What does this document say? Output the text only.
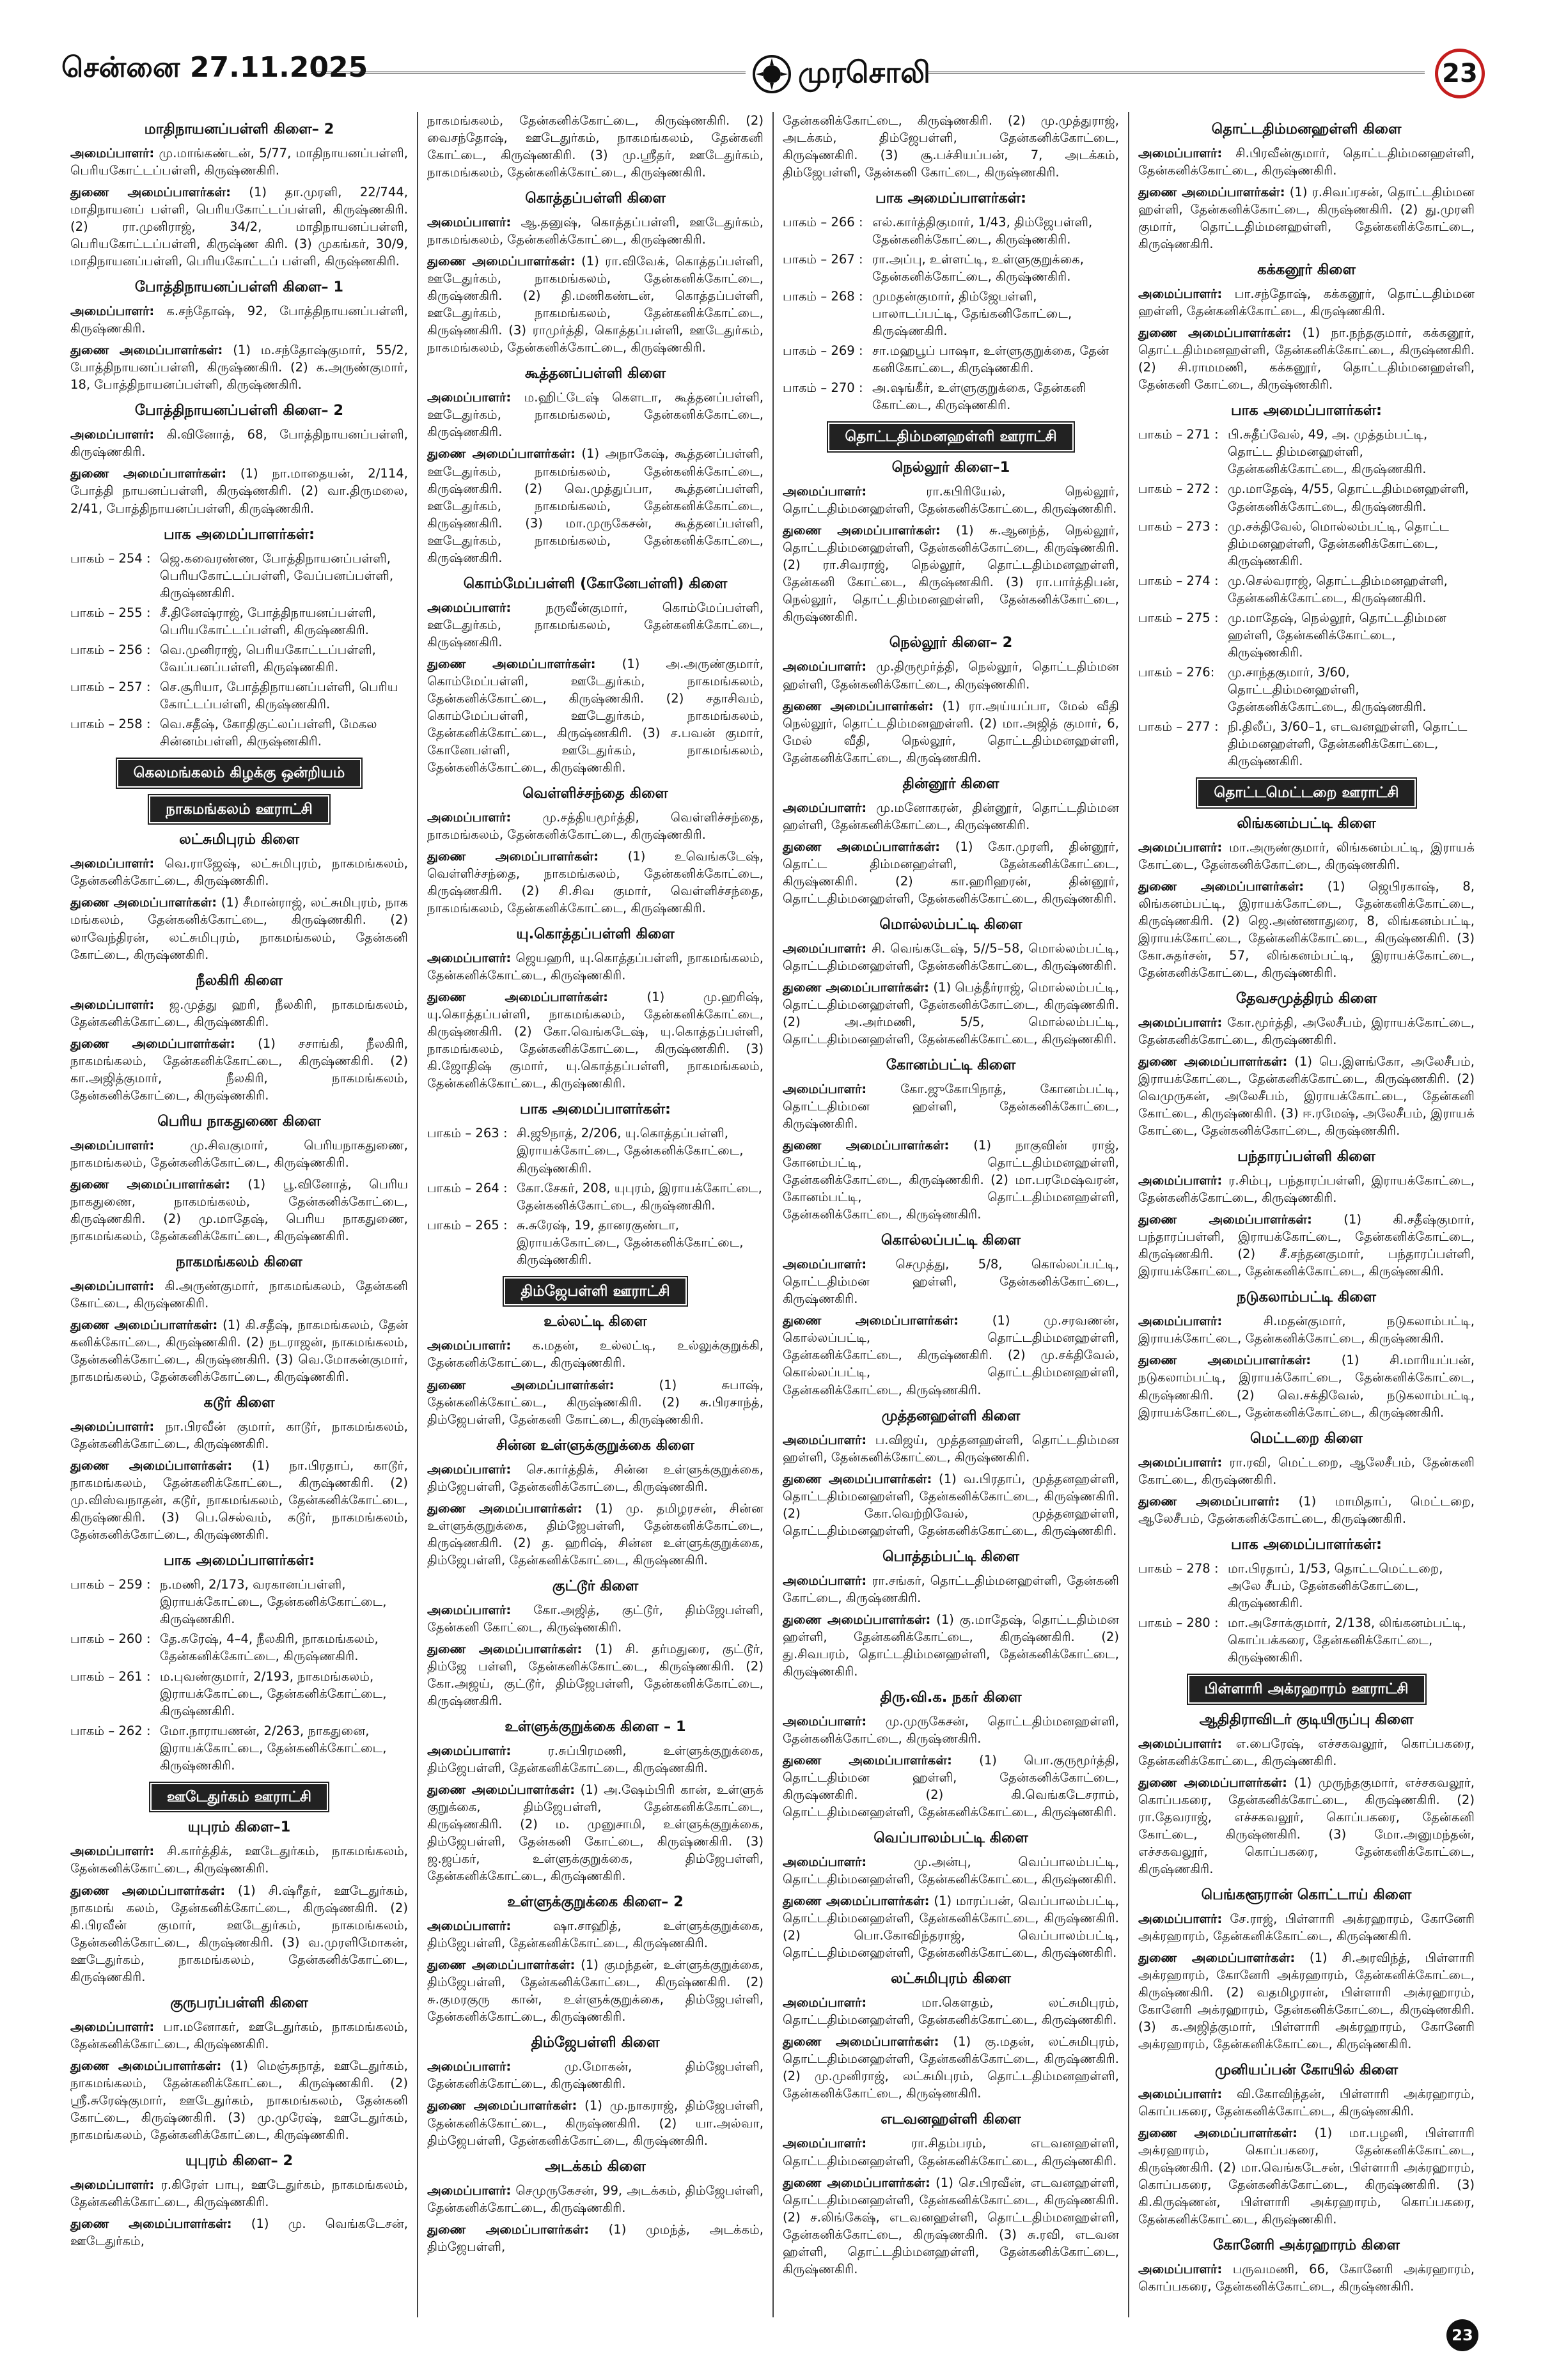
சென்னை 27.11.2025	முரசொலி	23
மாதிநாயனப்பள்ளி கிளை– 2
அமைப்பாளர்: மு.மாங்கண்டன், 5/77, மாதிநாயனப்பள்ளி, பெரியகோட்டப்பள்ளி, கிருஷ்ணகிரி.
துணை அமைப்பாளர்கள்: (1) தா.முரளி, 22/744, மாதிநாயனப் பள்ளி, பெரியகோட்டப்பள்ளி, கிருஷ்ணகிரி. (2) ரா.முனிராஜ், 34/2, மாதிநாயனப்பள்ளி, பெரியகோட்டப்பள்ளி, கிருஷ்ண கிரி. (3) முகங்கர், 30/9, மாதிநாயனப்பள்ளி, பெரியகோட்டப் பள்ளி, கிருஷ்ணகிரி.
போத்திநாயனப்பள்ளி கிளை– 1
அமைப்பாளர்: க.சந்தோஷ், 92, போத்திநாயனப்பள்ளி, கிருஷ்ணகிரி.
துணை அமைப்பாளர்கள்: (1) ம.சந்தோஷ்குமார், 55/2, போத்திநாயனப்பள்ளி, கிருஷ்ணகிரி. (2) க.அருண்குமார், 18, போத்திநாயனப்பள்ளி, கிருஷ்ணகிரி.
போத்திநாயனப்பள்ளி கிளை– 2
அமைப்பாளர்: கி.வினோத், 68, போத்திநாயனப்பள்ளி, கிருஷ்ணகிரி.
துணை அமைப்பாளர்கள்: (1) நா.மாதையன், 2/114, போத்தி நாயனப்பள்ளி, கிருஷ்ணகிரி. (2) வா.திருமலை, 2/41, போத்திநாயனப்பள்ளி, கிருஷ்ணகிரி.
பாக அமைப்பாளர்கள்:
பாகம் – 254 : ஜெ.கவைரண்ண, போத்திநாயனப்பள்ளி, பெரியகோட்டப்பள்ளி, வேப்பனப்பள்ளி, கிருஷ்ணகிரி.
பாகம் – 255 : சீ.தினேஷ்ராஜ், போத்திநாயனப்பள்ளி, பெரியகோட்டப்பள்ளி, கிருஷ்ணகிரி.
பாகம் – 256 : வெ.முனிராஜ், பெரியகோட்டப்பள்ளி, வேப்பனப்பள்ளி, கிருஷ்ணகிரி.
பாகம் – 257 : செ.சூரியா, போத்திநாயனப்பள்ளி, பெரிய கோட்டப்பள்ளி, கிருஷ்ணகிரி.
பாகம் – 258 : வெ.சதீஷ், கோதிகுட்லப்பள்ளி, மேகல சின்னம்பள்ளி, கிருஷ்ணகிரி.
கெலமங்கலம் கிழக்கு ஒன்றியம்
நாகமங்கலம் ஊராட்சி
லட்சுமிபுரம் கிளை
அமைப்பாளர்: வெ.ராஜேஷ், லட்சுமிபுரம், நாகமங்கலம், தேன்கனிக்கோட்டை, கிருஷ்ணகிரி.
துணை அமைப்பாளர்கள்: (1) சீமான்ராஜ், லட்சுமிபுரம், நாக மங்கலம், தேன்கனிக்கோட்டை, கிருஷ்ணகிரி. (2) லாவேந்திரன், லட்சுமிபுரம், நாகமங்கலம், தேன்கனி கோட்டை, கிருஷ்ணகிரி.
நீலகிரி கிளை
அமைப்பாளர்: ஜ.முத்து ஹரி, நீலகிரி, நாகமங்கலம், தேன்கனிக்கோட்டை, கிருஷ்ணகிரி.
துணை அமைப்பாளர்கள்: (1) சசாங்கி, நீலகிரி, நாகமங்கலம், தேன்கனிக்கோட்டை, கிருஷ்ணகிரி. (2) கா.அஜித்குமார், நீலகிரி, நாகமங்கலம், தேன்கனிக்கோட்டை, கிருஷ்ணகிரி.
பெரிய நாகதுணை கிளை
அமைப்பாளர்: மு.சிவகுமார், பெரியநாகதுணை, நாகமங்கலம், தேன்கனிக்கோட்டை, கிருஷ்ணகிரி.
துணை அமைப்பாளர்கள்: (1) பூ.வினோத், பெரிய நாகதுணை, நாகமங்கலம், தேன்கனிக்கோட்டை, கிருஷ்ணகிரி. (2) மு.மாதேஷ், பெரிய நாகதுணை, நாகமங்கலம், தேன்கனிக்கோட்டை, கிருஷ்ணகிரி.
நாகமங்கலம் கிளை
அமைப்பாளர்: கி.அருண்குமார், நாகமங்கலம், தேன்கனி கோட்டை, கிருஷ்ணகிரி.
துணை அமைப்பாளர்கள்: (1) கி.சதீஷ், நாகமங்கலம், தேன் கனிக்கோட்டை, கிருஷ்ணகிரி. (2) நடராஜன், நாகமங்கலம், தேன்கனிக்கோட்டை, கிருஷ்ணகிரி. (3) வெ.மோகன்குமார், நாகமங்கலம், தேன்கனிக்கோட்டை, கிருஷ்ணகிரி.
கடூர் கிளை
அமைப்பாளர்: நா.பிரவீன் குமார், காடூர், நாகமங்கலம், தேன்கனிக்கோட்டை, கிருஷ்ணகிரி.
துணை அமைப்பாளர்கள்: (1) நா.பிரதாப், காடூர், நாகமங்கலம், தேன்கனிக்கோட்டை, கிருஷ்ணகிரி. (2) மு.விஸ்வநாதன், கடூர், நாகமங்கலம், தேன்கனிக்கோட்டை, கிருஷ்ணகிரி. (3) பெ.செல்வம், கடூர், நாகமங்கலம், தேன்கனிக்கோட்டை, கிருஷ்ணகிரி.
பாக அமைப்பாளர்கள்:
பாகம் – 259 : ந.மணி, 2/173, வரகானப்பள்ளி, இராயக்கோட்டை, தேன்கனிக்கோட்டை, கிருஷ்ணகிரி.
பாகம் – 260 : தே.சுரேஷ், 4–4, நீலகிரி, நாகமங்கலம், தேன்கனிக்கோட்டை, கிருஷ்ணகிரி.
பாகம் – 261 : ம.புவண்குமார், 2/193, நாகமங்கலம், இராயக்கோட்டை, தேன்கனிக்கோட்டை, கிருஷ்ணகிரி.
பாகம் – 262 : மோ.நாராயணன், 2/263, நாகதுனை, இராயக்கோட்டை, தேன்கனிக்கோட்டை, கிருஷ்ணகிரி.
ஊடேதுர்கம் ஊராட்சி
யுபுரம் கிளை–1
அமைப்பாளர்: சி.கார்த்திக், ஊடேதுர்கம், நாகமங்கலம், தேன்கனிக்கோட்டை, கிருஷ்ணகிரி.
துணை அமைப்பாளர்கள்: (1) சி.ஷ்ரீதர், ஊடேதுர்கம், நாகமங் கலம், தேன்கனிக்கோட்டை, கிருஷ்ணகிரி. (2) கி.பிரவீன் குமார், ஊடேதுர்கம், நாகமங்கலம், தேன்கனிக்கோட்டை, கிருஷ்ணகிரி. (3) வ.முரளிமோகன், ஊடேதுர்கம், நாகமங்கலம், தேன்கனிக்கோட்டை, கிருஷ்ணகிரி.
குருபரப்பள்ளி கிளை
அமைப்பாளர்: பா.மனோகர், ஊடேதுர்கம், நாகமங்கலம், தேன்கனிக்கோட்டை, கிருஷ்ணகிரி.
துணை அமைப்பாளர்கள்: (1) மெஞ்சுநாத், ஊடேதுர்கம், நாகமங்கலம், தேன்கனிக்கோட்டை, கிருஷ்ணகிரி. (2) ஸ்ரீ.சுரேஷ்குமார், ஊடேதுர்கம், நாகமங்கலம், தேன்கனி கோட்டை, கிருஷ்ணகிரி. (3) மு.முரேஷ், ஊடேதுர்கம், நாகமங்கலம், தேன்கனிக்கோட்டை, கிருஷ்ணகிரி.
யுபுரம் கிளை– 2
அமைப்பாளர்: ர.கிரேள் பாபு, ஊடேதுர்கம், நாகமங்கலம், தேன்கனிக்கோட்டை, கிருஷ்ணகிரி.
துணை அமைப்பாளர்கள்: (1) மு. வெங்கடேசன், ஊடேதுர்கம்,
நாகமங்கலம், தேன்கனிக்கோட்டை, கிருஷ்ணகிரி. (2) வைசந்தோஷ், ஊடேதுர்கம், நாகமங்கலம், தேன்கனி கோட்டை, கிருஷ்ணகிரி. (3) மு.ஸ்ரீதர், ஊடேதுர்கம், நாகமங்கலம், தேன்கனிக்கோட்டை, கிருஷ்ணகிரி.
கொத்தப்பள்ளி கிளை
அமைப்பாளர்: ஆ.தனுஷ், கொத்தப்பள்ளி, ஊடேதுர்கம், நாகமங்கலம், தேன்கனிக்கோட்டை, கிருஷ்ணகிரி.
துணை அமைப்பாளர்கள்: (1) ரா.விவேக், கொத்தப்பள்ளி, ஊடேதுர்கம், நாகமங்கலம், தேன்கனிக்கோட்டை, கிருஷ்ணகிரி. (2) தி.மணிகண்டன், கொத்தப்பள்ளி, ஊடேதுர்கம், நாகமங்கலம், தேன்கனிக்கோட்டை, கிருஷ்ணகிரி. (3) ராமுர்த்தி, கொத்தப்பள்ளி, ஊடேதுர்கம், நாகமங்கலம், தேன்கனிக்கோட்டை, கிருஷ்ணகிரி.
கூத்தனப்பள்ளி கிளை
அமைப்பாளர்: ம.ஹிட்டேஷ் கௌடா, கூத்தனப்பள்ளி, ஊடேதுர்கம், நாகமங்கலம், தேன்கனிக்கோட்டை, கிருஷ்ணகிரி.
துணை அமைப்பாளர்கள்: (1) அநாகேஷ், கூத்தனப்பள்ளி, ஊடேதுர்கம், நாகமங்கலம், தேன்கனிக்கோட்டை, கிருஷ்ணகிரி. (2) வெ.முத்துப்பா, கூத்தனப்பள்ளி, ஊடேதுர்கம், நாகமங்கலம், தேன்கனிக்கோட்டை, கிருஷ்ணகிரி. (3) மா.முருகேசன், கூத்தனப்பள்ளி, ஊடேதுர்கம், நாகமங்கலம், தேன்கனிக்கோட்டை, கிருஷ்ணகிரி.
கொம்மேப்பள்ளி (கோனேபள்ளி) கிளை
அமைப்பாளர்: நருவீன்குமார், கொம்மேப்பள்ளி, ஊடேதுர்கம், நாகமங்கலம், தேன்கனிக்கோட்டை, கிருஷ்ணகிரி.
துணை அமைப்பாளர்கள்: (1) அ.அருண்குமார், கொம்மேப்பள்ளி, ஊடேதுர்கம், நாகமங்கலம், தேன்கனிக்கோட்டை, கிருஷ்ணகிரி. (2) சதாசிவம், கொம்மேப்பள்ளி, ஊடேதுர்கம், நாகமங்கலம், தேன்கனிக்கோட்டை, கிருஷ்ணகிரி. (3) ச.பவன் குமார், கோனேபள்ளி, ஊடேதுர்கம், நாகமங்கலம், தேன்கனிக்கோட்டை, கிருஷ்ணகிரி.
வெள்ளிச்சந்தை கிளை
அமைப்பாளர்: மு.சத்தியமூர்த்தி, வெள்ளிச்சந்தை, நாகமங்கலம், தேன்கனிக்கோட்டை, கிருஷ்ணகிரி.
துணை அமைப்பாளர்கள்: (1) உவெங்கடேஷ், வெள்ளிச்சந்தை, நாகமங்கலம், தேன்கனிக்கோட்டை, கிருஷ்ணகிரி. (2) சி.சிவ குமார், வெள்ளிச்சந்தை, நாகமங்கலம், தேன்கனிக்கோட்டை, கிருஷ்ணகிரி.
யு.கொத்தப்பள்ளி கிளை
அமைப்பாளர்: ஜெயஹரி, யு.கொத்தப்பள்ளி, நாகமங்கலம், தேன்கனிக்கோட்டை, கிருஷ்ணகிரி.
துணை அமைப்பாளர்கள்: (1) மு.ஹரிஷ், யு.கொத்தப்பள்ளி, நாகமங்கலம், தேன்கனிக்கோட்டை, கிருஷ்ணகிரி. (2) கோ.வெங்கடேஷ், யு.கொத்தப்பள்ளி, நாகமங்கலம், தேன்கனிக்கோட்டை, கிருஷ்ணகிரி. (3) கி.ஜோதிஷ் குமார், யு.கொத்தப்பள்ளி, நாகமங்கலம், தேன்கனிக்கோட்டை, கிருஷ்ணகிரி.
பாக அமைப்பாளர்கள்:
பாகம் – 263 : சி.ஜூநாத், 2/206, யு.கொத்தப்பள்ளி, இராயக்கோட்டை, தேன்கனிக்கோட்டை, கிருஷ்ணகிரி.
பாகம் – 264 : கோ.சேகர், 208, யுபுரம், இராயக்கோட்டை, தேன்கனிக்கோட்டை, கிருஷ்ணகிரி.
பாகம் – 265 : சு.சுரேஷ், 19, தானரகுண்டா, இராயக்கோட்டை, தேன்கனிக்கோட்டை, கிருஷ்ணகிரி.
திம்ஜேபள்ளி ஊராட்சி
உல்லட்டி கிளை
அமைப்பாளர்: க.மதன், உல்லட்டி, உல்லுக்குறுக்கி, தேன்கனிக்கோட்டை, கிருஷ்ணகிரி.
துணை அமைப்பாளர்கள்: (1) சுபாஷ், தேன்கனிக்கோட்டை, கிருஷ்ணகிரி. (2) சு.பிரசாந்த், திம்ஜேபள்ளி, தேன்கனி கோட்டை, கிருஷ்ணகிரி.
சின்ன உள்ளுக்குறுக்கை கிளை
அமைப்பாளர்: செ.கார்த்திக், சின்ன உள்ளுக்குறுக்கை, திம்ஜேபள்ளி, தேன்கனிக்கோட்டை, கிருஷ்ணகிரி.
துணை அமைப்பாளர்கள்: (1) மு. தமிழரசன், சின்ன உள்ளுக்குறுக்கை, திம்ஜேபள்ளி, தேன்கனிக்கோட்டை, கிருஷ்ணகிரி. (2) த. ஹரிஷ், சின்ன உள்ளுக்குறுக்கை, திம்ஜேபள்ளி, தேன்கனிக்கோட்டை, கிருஷ்ணகிரி.
குட்டூர் கிளை
அமைப்பாளர்: கோ.அஜித், குட்டூர், திம்ஜேபள்ளி, தேன்கனி கோட்டை, கிருஷ்ணகிரி.
துணை அமைப்பாளர்கள்: (1) சி. தர்மதுரை, குட்டூர், திம்ஜே பள்ளி, தேன்கனிக்கோட்டை, கிருஷ்ணகிரி. (2) கோ.அஜய், குட்டூர், திம்ஜேபள்ளி, தேன்கனிக்கோட்டை, கிருஷ்ணகிரி.
உள்ளுக்குறுக்கை கிளை – 1
அமைப்பாளர்: ர.சுப்பிரமணி, உள்ளுக்குறுக்கை, திம்ஜேபள்ளி, தேன்கனிக்கோட்டை, கிருஷ்ணகிரி.
துணை அமைப்பாளர்கள்: (1) அ.ஷேம்பிரி கான், உள்ளுக் குறுக்கை, திம்ஜேபள்ளி, தேன்கனிக்கோட்டை, கிருஷ்ணகிரி. (2) ம. முனுசாமி, உள்ளுக்குறுக்கை, திம்ஜேபள்ளி, தேன்கனி கோட்டை, கிருஷ்ணகிரி. (3) ஜ.ஜப்கர், உள்ளுக்குறுக்கை, திம்ஜேபள்ளி, தேன்கனிக்கோட்டை, கிருஷ்ணகிரி.
உள்ளுக்குறுக்கை கிளை– 2
அமைப்பாளர்: ஷா.சாஹித், உள்ளுக்குறுக்கை, திம்ஜேபள்ளி, தேன்கனிக்கோட்டை, கிருஷ்ணகிரி.
துணை அமைப்பாளர்கள்: (1) குமந்தன், உள்ளுக்குறுக்கை, திம்ஜேபள்ளி, தேன்கனிக்கோட்டை, கிருஷ்ணகிரி. (2) சு.குமரகுரு கான், உள்ளுக்குறுக்கை, திம்ஜேபள்ளி, தேன்கனிக்கோட்டை, கிருஷ்ணகிரி.
திம்ஜேபள்ளி கிளை
அமைப்பாளர்: மு.மோகன், திம்ஜேபள்ளி, தேன்கனிக்கோட்டை, கிருஷ்ணகிரி.
துணை அமைப்பாளர்கள்: (1) மு.நாகராஜ், திம்ஜேபள்ளி, தேன்கனிக்கோட்டை, கிருஷ்ணகிரி. (2) யா.அல்வா, திம்ஜேபள்ளி, தேன்கனிக்கோட்டை, கிருஷ்ணகிரி.
அடக்கம் கிளை
அமைப்பாளர்: செமுருகேசன், 99, அடக்கம், திம்ஜேபள்ளி, தேன்கனிக்கோட்டை, கிருஷ்ணகிரி.
துணை அமைப்பாளர்கள்: (1) முமந்த், அடக்கம், திம்ஜேபள்ளி,
தேன்கனிக்கோட்டை, கிருஷ்ணகிரி. (2) மு.முத்துராஜ், அடக்கம், திம்ஜேபள்ளி, தேன்கனிக்கோட்டை, கிருஷ்ணகிரி. (3) சூ.பச்சியப்பன், 7, அடக்கம், திம்ஜேபள்ளி, தேன்கனி கோட்டை, கிருஷ்ணகிரி.
பாக அமைப்பாளர்கள்:
பாகம் – 266 : எல்.கார்த்திகுமார், 1/43, திம்ஜேபள்ளி, தேன்கனிக்கோட்டை, கிருஷ்ணகிரி.
பாகம் – 267 : ரா.அப்பு, உள்ளட்டி, உள்ளுகுறுக்கை, தேன்கனிக்கோட்டை, கிருஷ்ணகிரி.
பாகம் – 268 : முமதன்குமார், திம்ஜேபள்ளி, பாலாடப்பட்டி, தேங்கனிகோட்டை, கிருஷ்ணகிரி.
பாகம் – 269 : சா.மஹபூப் பாஷா, உள்ளுகுறுக்கை, தேன் கனிகோட்டை, கிருஷ்ணகிரி.
பாகம் – 270 : அ.ஷங்கீர், உள்ளுகுறுக்கை, தேன்கனி கோட்டை, கிருஷ்ணகிரி.
தொட்டதிம்மனஹள்ளி ஊராட்சி
நெல்லூர் கிளை–1
அமைப்பாளர்: ரா.கபிரியேல், நெல்லூர், தொட்டதிம்மனஹள்ளி, தேன்கனிக்கோட்டை, கிருஷ்ணகிரி.
துணை அமைப்பாளர்கள்: (1) சு.ஆனந்த், நெல்லூர், தொட்டதிம்மனஹள்ளி, தேன்கனிக்கோட்டை, கிருஷ்ணகிரி. (2) ரா.சிவராஜ், நெல்லூர், தொட்டதிம்மனஹள்ளி, தேன்கனி கோட்டை, கிருஷ்ணகிரி. (3) ரா.பார்த்திபன், நெல்லூர், தொட்டதிம்மனஹள்ளி, தேன்கனிக்கோட்டை, கிருஷ்ணகிரி.
நெல்லூர் கிளை– 2
அமைப்பாளர்: மு.திருமூர்த்தி, நெல்லூர், தொட்டதிம்மன ஹள்ளி, தேன்கனிக்கோட்டை, கிருஷ்ணகிரி.
துணை அமைப்பாளர்கள்: (1) ரா.அய்யப்பா, மேல் வீதி நெல்லூர், தொட்டதிம்மனஹள்ளி. (2) மா.அஜித் குமார், 6, மேல் வீதி, நெல்லூர், தொட்டதிம்மனஹள்ளி, தேன்கனிக்கோட்டை, கிருஷ்ணகிரி.
தின்னூர் கிளை
அமைப்பாளர்: மு.மனோகரன், தின்னூர், தொட்டதிம்மன ஹள்ளி, தேன்கனிக்கோட்டை, கிருஷ்ணகிரி.
துணை அமைப்பாளர்கள்: (1) கோ.முரளி, தின்னூர், தொட்ட திம்மனஹள்ளி, தேன்கனிக்கோட்டை, கிருஷ்ணகிரி. (2) கா.ஹரிஹரன், தின்னூர், தொட்டதிம்மனஹள்ளி, தேன்கனிக்கோட்டை, கிருஷ்ணகிரி.
மொல்லம்பட்டி கிளை
அமைப்பாளர்: சி. வெங்கடேஷ், 5//5–58, மொல்லம்பட்டி, தொட்டதிம்மனஹள்ளி, தேன்கனிக்கோட்டை, கிருஷ்ணகிரி.
துணை அமைப்பாளர்கள்: (1) பெத்தீர்ராஜ், மொல்லம்பட்டி, தொட்டதிம்மனஹள்ளி, தேன்கனிக்கோட்டை, கிருஷ்ணகிரி. (2) அ.அர்மணி, 5/5, மொல்லம்பட்டி, தொட்டதிம்மனஹள்ளி, தேன்கனிக்கோட்டை, கிருஷ்ணகிரி.
கோனம்பட்டி கிளை
அமைப்பாளர்: கோ.ஜுகோபிநாத், கோனம்பட்டி, தொட்டதிம்மன ஹள்ளி, தேன்கனிக்கோட்டை, கிருஷ்ணகிரி.
துணை அமைப்பாளர்கள்: (1) நாகுவின் ராஜ், கோனம்பட்டி, தொட்டதிம்மனஹள்ளி, தேன்கனிக்கோட்டை, கிருஷ்ணகிரி. (2) மா.பரமேஷ்வரன், கோனம்பட்டி, தொட்டதிம்மனஹள்ளி, தேன்கனிக்கோட்டை, கிருஷ்ணகிரி.
கொல்லப்பட்டி கிளை
அமைப்பாளர்: செமுத்து, 5/8, கொல்லப்பட்டி, தொட்டதிம்மன ஹள்ளி, தேன்கனிக்கோட்டை, கிருஷ்ணகிரி.
துணை அமைப்பாளர்கள்: (1) மு.சரவணன், கொல்லப்பட்டி, தொட்டதிம்மனஹள்ளி, தேன்கனிக்கோட்டை, கிருஷ்ணகிரி. (2) மு.சக்திவேல், கொல்லப்பட்டி, தொட்டதிம்மனஹள்ளி, தேன்கனிக்கோட்டை, கிருஷ்ணகிரி.
முத்தனஹள்ளி கிளை
அமைப்பாளர்: ப.விஜய், முத்தனஹள்ளி, தொட்டதிம்மன ஹள்ளி, தேன்கனிக்கோட்டை, கிருஷ்ணகிரி.
துணை அமைப்பாளர்கள்: (1) வ.பிரதாப், முத்தனஹள்ளி, தொட்டதிம்மனஹள்ளி, தேன்கனிக்கோட்டை, கிருஷ்ணகிரி. (2) கோ.வெற்றிவேல், முத்தனஹள்ளி, தொட்டதிம்மனஹள்ளி, தேன்கனிக்கோட்டை, கிருஷ்ணகிரி.
பொத்தம்பட்டி கிளை
அமைப்பாளர்: ரா.சங்கர், தொட்டதிம்மனஹள்ளி, தேன்கனி கோட்டை, கிருஷ்ணகிரி.
துணை அமைப்பாளர்கள்: (1) கு.மாதேஷ், தொட்டதிம்மன ஹள்ளி, தேன்கனிக்கோட்டை, கிருஷ்ணகிரி. (2) து.சிவபரம், தொட்டதிம்மனஹள்ளி, தேன்கனிக்கோட்டை, கிருஷ்ணகிரி.
திரு.வி.க. நகர் கிளை
அமைப்பாளர்: மு.முருகேசன், தொட்டதிம்மனஹள்ளி, தேன்கனிக்கோட்டை, கிருஷ்ணகிரி.
துணை அமைப்பாளர்கள்: (1) பொ.குருமூர்த்தி, தொட்டதிம்மன ஹள்ளி, தேன்கனிக்கோட்டை, கிருஷ்ணகிரி. (2) கி.வெங்கடேசராம், தொட்டதிம்மனஹள்ளி, தேன்கனிக்கோட்டை, கிருஷ்ணகிரி.
வெப்பாலம்பட்டி கிளை
அமைப்பாளர்: மு.அன்பு, வெப்பாலம்பட்டி, தொட்டதிம்மனஹள்ளி, தேன்கனிக்கோட்டை, கிருஷ்ணகிரி.
துணை அமைப்பாளர்கள்: (1) மாரப்பன், வெப்பாலம்பட்டி, தொட்டதிம்மனஹள்ளி, தேன்கனிக்கோட்டை, கிருஷ்ணகிரி. (2) பொ.கோவிந்தராஜ், வெப்பாலம்பட்டி, தொட்டதிம்மனஹள்ளி, தேன்கனிக்கோட்டை, கிருஷ்ணகிரி.
லட்சுமிபுரம் கிளை
அமைப்பாளர்: மா.கௌதம், லட்சுமிபுரம், தொட்டதிம்மனஹள்ளி, தேன்கனிக்கோட்டை, கிருஷ்ணகிரி.
துணை அமைப்பாளர்கள்: (1) கு.மதன், லட்சுமிபுரம், தொட்டதிம்மனஹள்ளி, தேன்கனிக்கோட்டை, கிருஷ்ணகிரி. (2) மு.முனிராஜ், லட்சுமிபுரம், தொட்டதிம்மனஹள்ளி, தேன்கனிக்கோட்டை, கிருஷ்ணகிரி.
எடவனஹள்ளி கிளை
அமைப்பாளர்: ரா.சிதம்பரம், எடவனஹள்ளி, தொட்டதிம்மனஹள்ளி, தேன்கனிக்கோட்டை, கிருஷ்ணகிரி.
துணை அமைப்பாளர்கள்: (1) செ.பிரவீன், எடவனஹள்ளி, தொட்டதிம்மனஹள்ளி, தேன்கனிக்கோட்டை, கிருஷ்ணகிரி. (2) ச.லிங்கேஷ், எடவனஹள்ளி, தொட்டதிம்மனஹள்ளி, தேன்கனிக்கோட்டை, கிருஷ்ணகிரி. (3) சு.ரவி, எடவன ஹள்ளி, தொட்டதிம்மனஹள்ளி, தேன்கனிக்கோட்டை, கிருஷ்ணகிரி.
தொட்டதிம்மனஹள்ளி கிளை
அமைப்பாளர்: சி.பிரவீன்குமார், தொட்டதிம்மனஹள்ளி, தேன்கனிக்கோட்டை, கிருஷ்ணகிரி.
துணை அமைப்பாளர்கள்: (1) ர.சிவப்ரசன், தொட்டதிம்மன ஹள்ளி, தேன்கனிக்கோட்டை, கிருஷ்ணகிரி. (2) து.முரளி குமார், தொட்டதிம்மனஹள்ளி, தேன்கனிக்கோட்டை, கிருஷ்ணகிரி.
கக்கனூர் கிளை
அமைப்பாளர்: பா.சந்தோஷ், கக்கனூர், தொட்டதிம்மன ஹள்ளி, தேன்கனிக்கோட்டை, கிருஷ்ணகிரி.
துணை அமைப்பாளர்கள்: (1) நா.நந்தகுமார், கக்கனூர், தொட்டதிம்மனஹள்ளி, தேன்கனிக்கோட்டை, கிருஷ்ணகிரி. (2) சி.ராமமணி, கக்கனூர், தொட்டதிம்மனஹள்ளி, தேன்கனி கோட்டை, கிருஷ்ணகிரி.
பாக அமைப்பாளர்கள்:
பாகம் – 271 : பி.சுதீப்வேல், 49, அ. முத்தம்பட்டி, தொட்ட திம்மனஹள்ளி, தேன்கனிக்கோட்டை, கிருஷ்ணகிரி.
பாகம் – 272 : மு.மாதேஷ், 4/55, தொட்டதிம்மனஹள்ளி, தேன்கனிக்கோட்டை, கிருஷ்ணகிரி.
பாகம் – 273 : மு.சக்திவேல், மொல்லம்பட்டி, தொட்ட திம்மனஹள்ளி, தேன்கனிக்கோட்டை, கிருஷ்ணகிரி.
பாகம் – 274 : மு.செல்வராஜ், தொட்டதிம்மனஹள்ளி, தேன்கனிக்கோட்டை, கிருஷ்ணகிரி.
பாகம் – 275 : மு.மாதேஷ், நெல்லூர், தொட்டதிம்மன ஹள்ளி, தேன்கனிக்கோட்டை, கிருஷ்ணகிரி.
பாகம் – 276:	மு.சாந்தகுமார், 3/60, தொட்டதிம்மனஹள்ளி, தேன்கனிக்கோட்டை, கிருஷ்ணகிரி.
பாகம் – 277 : நி.திலீப், 3/60–1, எடவனஹள்ளி, தொட்ட திம்மனஹள்ளி, தேன்கனிக்கோட்டை, கிருஷ்ணகிரி.
தொட்டமெட்டறை ஊராட்சி
லிங்கனம்பட்டி கிளை
அமைப்பாளர்: மா.அருண்குமார், லிங்கனம்பட்டி, இராயக் கோட்டை, தேன்கனிக்கோட்டை, கிருஷ்ணகிரி.
துணை அமைப்பாளர்கள்: (1) ஜெபிரகாஷ், 8, லிங்கனம்பட்டி, இராயக்கோட்டை, தேன்கனிக்கோட்டை, கிருஷ்ணகிரி. (2) ஜெ.அண்ணாதுரை, 8, லிங்கனம்பட்டி, இராயக்கோட்டை, தேன்கனிக்கோட்டை, கிருஷ்ணகிரி. (3) கோ.சுதர்சன், 57, லிங்கனம்பட்டி, இராயக்கோட்டை, தேன்கனிக்கோட்டை, கிருஷ்ணகிரி.
தேவசமுத்திரம் கிளை
அமைப்பாளர்: கோ.மூர்த்தி, அலேசீபம், இராயக்கோட்டை, தேன்கனிக்கோட்டை, கிருஷ்ணகிரி.
துணை அமைப்பாளர்கள்: (1) பெ.இளங்கோ, அலேசீபம், இராயக்கோட்டை, தேன்கனிக்கோட்டை, கிருஷ்ணகிரி. (2) வெமுருகன், அலேசீபம், இராயக்கோட்டை, தேன்கனி கோட்டை, கிருஷ்ணகிரி. (3) ஈ.ரமேஷ், அலேசீபம், இராயக் கோட்டை, தேன்கனிக்கோட்டை, கிருஷ்ணகிரி.
பந்தாரப்பள்ளி கிளை
அமைப்பாளர்: ர.சிம்பு, பந்தாரப்பள்ளி, இராயக்கோட்டை, தேன்கனிக்கோட்டை, கிருஷ்ணகிரி.
துணை அமைப்பாளர்கள்: (1) கி.சதீஷ்குமார், பந்தாரப்பள்ளி, இராயக்கோட்டை, தேன்கனிக்கோட்டை, கிருஷ்ணகிரி. (2) சீ.சந்தனகுமார், பந்தாரப்பள்ளி, இராயக்கோட்டை, தேன்கனிக்கோட்டை, கிருஷ்ணகிரி.
நடுகலாம்பட்டி கிளை
அமைப்பாளர்: சி.மதன்குமார், நடுகலாம்பட்டி, இராயக்கோட்டை, தேன்கனிக்கோட்டை, கிருஷ்ணகிரி.
துணை அமைப்பாளர்கள்: (1) சி.மாரியப்பன், நடுகலாம்பட்டி, இராயக்கோட்டை, தேன்கனிக்கோட்டை, கிருஷ்ணகிரி. (2) வெ.சக்திவேல், நடுகலாம்பட்டி, இராயக்கோட்டை, தேன்கனிக்கோட்டை, கிருஷ்ணகிரி.
மெட்டறை கிளை
அமைப்பாளர்: ரா.ரவி, மெட்டறை, ஆலேசீபம், தேன்கனி கோட்டை, கிருஷ்ணகிரி.
துணை அமைப்பாளர்: (1) மாமிதாப், மெட்டறை, ஆலேசீபம், தேன்கனிக்கோட்டை, கிருஷ்ணகிரி.
பாக அமைப்பாளர்கள்:
பாகம் – 278 : மா.பிரதாப், 1/53, தொட்டமெட்டறை, அலே சீபம், தேன்கனிக்கோட்டை, கிருஷ்ணகிரி.
பாகம் – 280 : மா.அசோக்குமார், 2/138, லிங்கனம்பட்டி, கொப்பக்கரை, தேன்கனிக்கோட்டை, கிருஷ்ணகிரி.
பிள்ளாரி அக்ரஹாரம் ஊராட்சி
ஆதிதிராவிடர் குடியிருப்பு கிளை
அமைப்பாளர்: எ.பைரேஷ், எச்சகவலூர், கொப்பகரை, தேன்கனிக்கோட்டை, கிருஷ்ணகிரி.
துணை அமைப்பாளர்கள்: (1) முருந்தகுமார், எச்சகவலூர், கொப்பகரை, தேன்கனிக்கோட்டை, கிருஷ்ணகிரி. (2) ரா.தேவராஜ், எச்சகவலூர், கொப்பகரை, தேன்கனி கோட்டை, கிருஷ்ணகிரி. (3) மோ.அனுமந்தன், எச்சகவலூர், கொப்பகரை, தேன்கனிக்கோட்டை, கிருஷ்ணகிரி.
பெங்களூரான் கொட்டாய் கிளை
அமைப்பாளர்: சே.ராஜ், பிள்ளாரி அக்ரஹாரம், கோனேரி அக்ரஹாரம், தேன்கனிக்கோட்டை, கிருஷ்ணகிரி.
துணை அமைப்பாளர்கள்: (1) சி.அரவிந்த், பிள்ளாரி அக்ரஹாரம், கோனேரி அக்ரஹாரம், தேன்கனிக்கோட்டை, கிருஷ்ணகிரி. (2) வதமிழரான், பிள்ளாரி அக்ரஹாரம், கோனேரி அக்ரஹாரம், தேன்கனிக்கோட்டை, கிருஷ்ணகிரி. (3) க.அஜித்குமார், பிள்ளாரி அக்ரஹாரம், கோனேரி அக்ரஹாரம், தேன்கனிக்கோட்டை, கிருஷ்ணகிரி.
முனியப்பன் கோயில் கிளை
அமைப்பாளர்: வி.கோவிந்தன், பிள்ளாரி அக்ரஹாரம், கொப்பகரை, தேன்கனிக்கோட்டை, கிருஷ்ணகிரி.
துணை அமைப்பாளர்கள்: (1) மா.பழனி, பிள்ளாரி அக்ரஹாரம், கொப்பகரை, தேன்கனிக்கோட்டை, கிருஷ்ணகிரி. (2) மா.வெங்கடேசன், பிள்ளாரி அக்ரஹாரம், கொப்பகரை, தேன்கனிக்கோட்டை, கிருஷ்ணகிரி. (3) கி.கிருஷ்ணன், பிள்ளாரி அக்ரஹாரம், கொப்பகரை, தேன்கனிக்கோட்டை, கிருஷ்ணகிரி.
கோனேரி அக்ரஹாரம் கிளை
அமைப்பாளர்: பருவமணி, 66, கோனேரி அக்ரஹாரம், கொப்பகரை, தேன்கனிக்கோட்டை, கிருஷ்ணகிரி.
23
